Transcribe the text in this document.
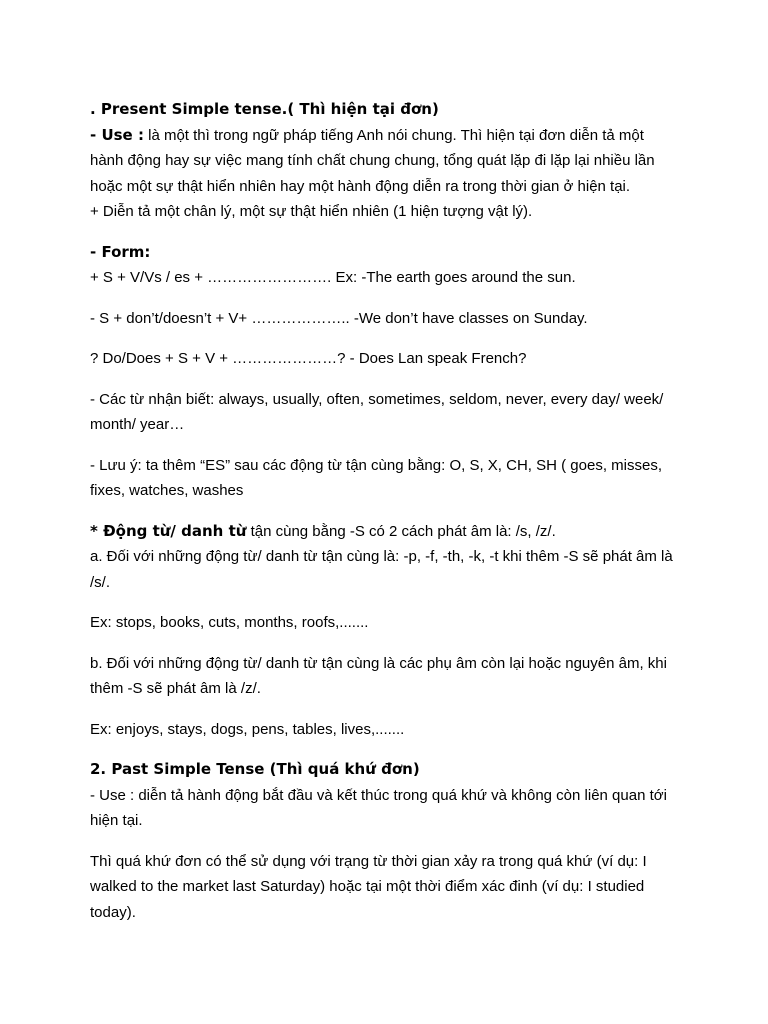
. Present Simple tense.( Thì hiện tại đơn)

- Use : là một thì trong ngữ pháp tiếng Anh nói chung. Thì hiện tại đơn diễn tả một hành động hay sự việc mang tính chất chung chung, tổng quát lặp đi lặp lại nhiều lần hoặc một sự thật hiển nhiên hay một hành động diễn ra trong thời gian ở hiện tại.

+ Diễn tả một chân lý, một sự thật hiển nhiên (1 hiện tượng vật lý).

- Form:

+ S + V/Vs / es + ……………………. Ex: -The earth goes around the sun.

- S + don’t/doesn’t + V+ ……………….. -We don’t have classes on Sunday.

? Do/Does + S + V + …………………? - Does Lan speak French?

- Các từ nhận biết: always, usually, often, sometimes, seldom, never, every day/ week/ month/ year…

- Lưu ý: ta thêm “ES” sau các động từ tận cùng bằng: O, S, X, CH, SH ( goes, misses, fixes, watches, washes

* Động từ/ danh từ tận cùng bằng -S có 2 cách phát âm là: /s, /z/.

a. Đối với những động từ/ danh từ tận cùng là: -p, -f, -th, -k, -t khi thêm -S sẽ phát âm là /s/.

Ex: stops, books, cuts, months, roofs,.......

b. Đối với những động từ/ danh từ tận cùng là các phụ âm còn lại hoặc nguyên âm, khi thêm -S sẽ phát âm là /z/.

Ex: enjoys, stays, dogs, pens, tables, lives,.......

2. Past Simple Tense (Thì quá khứ đơn)

- Use : diễn tả hành động bắt đầu và kết thúc trong quá khứ và không còn liên quan tới hiện tại.

Thì quá khứ đơn có thể sử dụng với trạng từ thời gian xảy ra trong quá khứ (ví dụ: I walked to the market last Saturday) hoặc tại một thời điểm xác đinh (ví dụ: I studied today).
